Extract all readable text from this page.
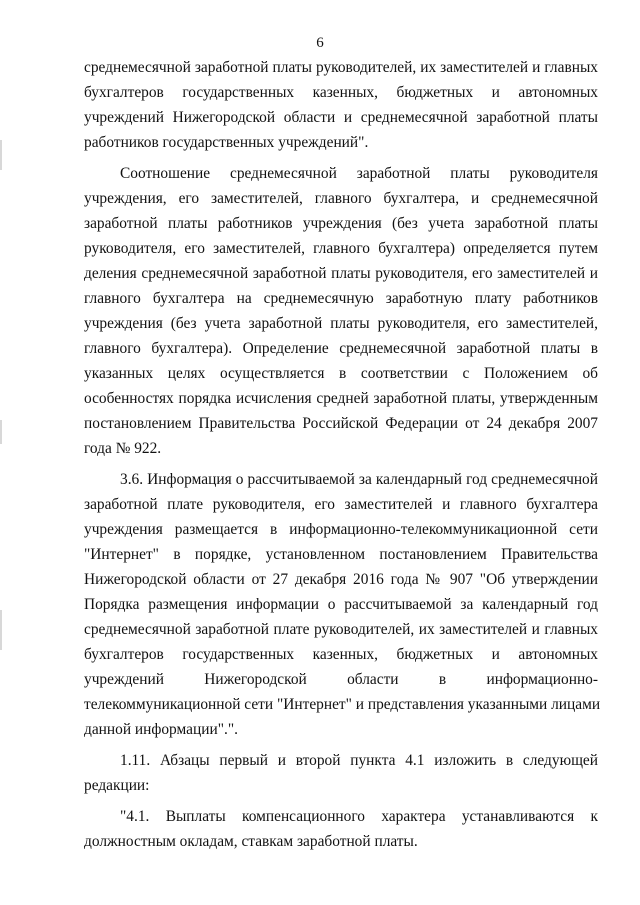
6
среднемесячной заработной платы руководителей, их заместителей и главных
бухгалтеров государственных казенных, бюджетных и автономных
учреждений Нижегородской области и среднемесячной заработной платы
работников государственных учреждений".
Соотношение среднемесячной заработной платы руководителя
учреждения, его заместителей, главного бухгалтера, и среднемесячной
заработной платы работников учреждения (без учета заработной платы
руководителя, его заместителей, главного бухгалтера) определяется путем
деления среднемесячной заработной платы руководителя, его заместителей и
главного бухгалтера на среднемесячную заработную плату работников
учреждения (без учета заработной платы руководителя, его заместителей,
главного бухгалтера). Определение среднемесячной заработной платы в
указанных целях осуществляется в соответствии с Положением об
особенностях порядка исчисления средней заработной платы, утвержденным
постановлением Правительства Российской Федерации от 24 декабря 2007
года № 922.
3.6. Информация о рассчитываемой за календарный год среднемесячной
заработной плате руководителя, его заместителей и главного бухгалтера
учреждения размещается в информационно-телекоммуникационной сети
"Интернет" в порядке, установленном постановлением Правительства
Нижегородской области от 27 декабря 2016 года № 907 "Об утверждении
Порядка размещения информации о рассчитываемой за календарный год
среднемесячной заработной плате руководителей, их заместителей и главных
бухгалтеров государственных казенных, бюджетных и автономных
учреждений Нижегородской области в информационно-
телекоммуникационной сети "Интернет" и представления указанными лицами
данной информации".".
1.11. Абзацы первый и второй пункта 4.1 изложить в следующей
редакции:
"4.1. Выплаты компенсационного характера устанавливаются к
должностным окладам, ставкам заработной платы.
